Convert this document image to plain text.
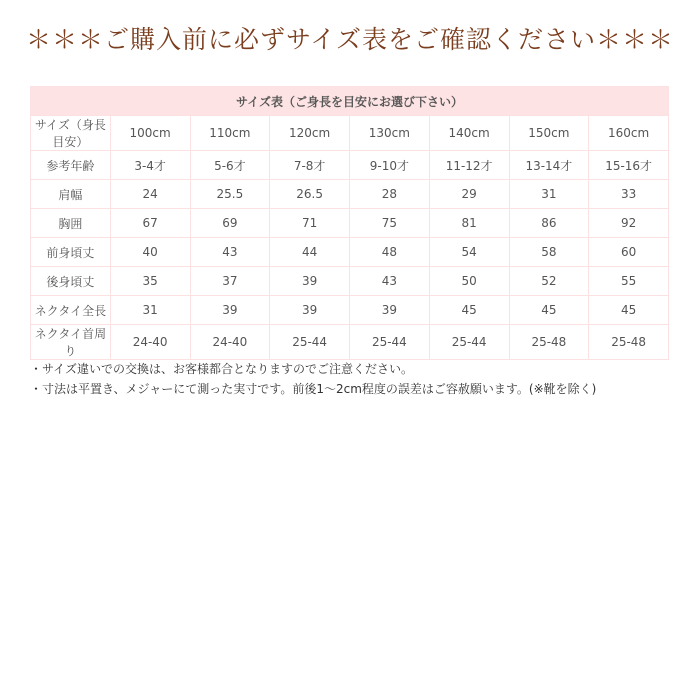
＊＊＊ご購入前に必ずサイズ表をご確認ください＊＊＊
サイズ表（ご身長を目安にお選び下さい）							
サイズ（身長目安）	100cm	110cm	120cm	130cm	140cm	150cm	160cm
参考年齢	3-4才	5-6才	7-8才	9-10才	11-12才	13-14才	15-16才
肩幅	24	25.5	26.5	28	29	31	33
胸囲	67	69	71	75	81	86	92
前身頃丈	40	43	44	48	54	58	60
後身頃丈	35	37	39	43	50	52	55
ネクタイ全長	31	39	39	39	45	45	45
ネクタイ首周り	24-40	24-40	25-44	25-44	25-44	25-48	25-48
・サイズ違いでの交換は、お客様都合となりますのでご注意ください。
・寸法は平置き、メジャーにて測った実寸です。前後1～2cm程度の誤差はご容赦願います。(※靴を除く)
